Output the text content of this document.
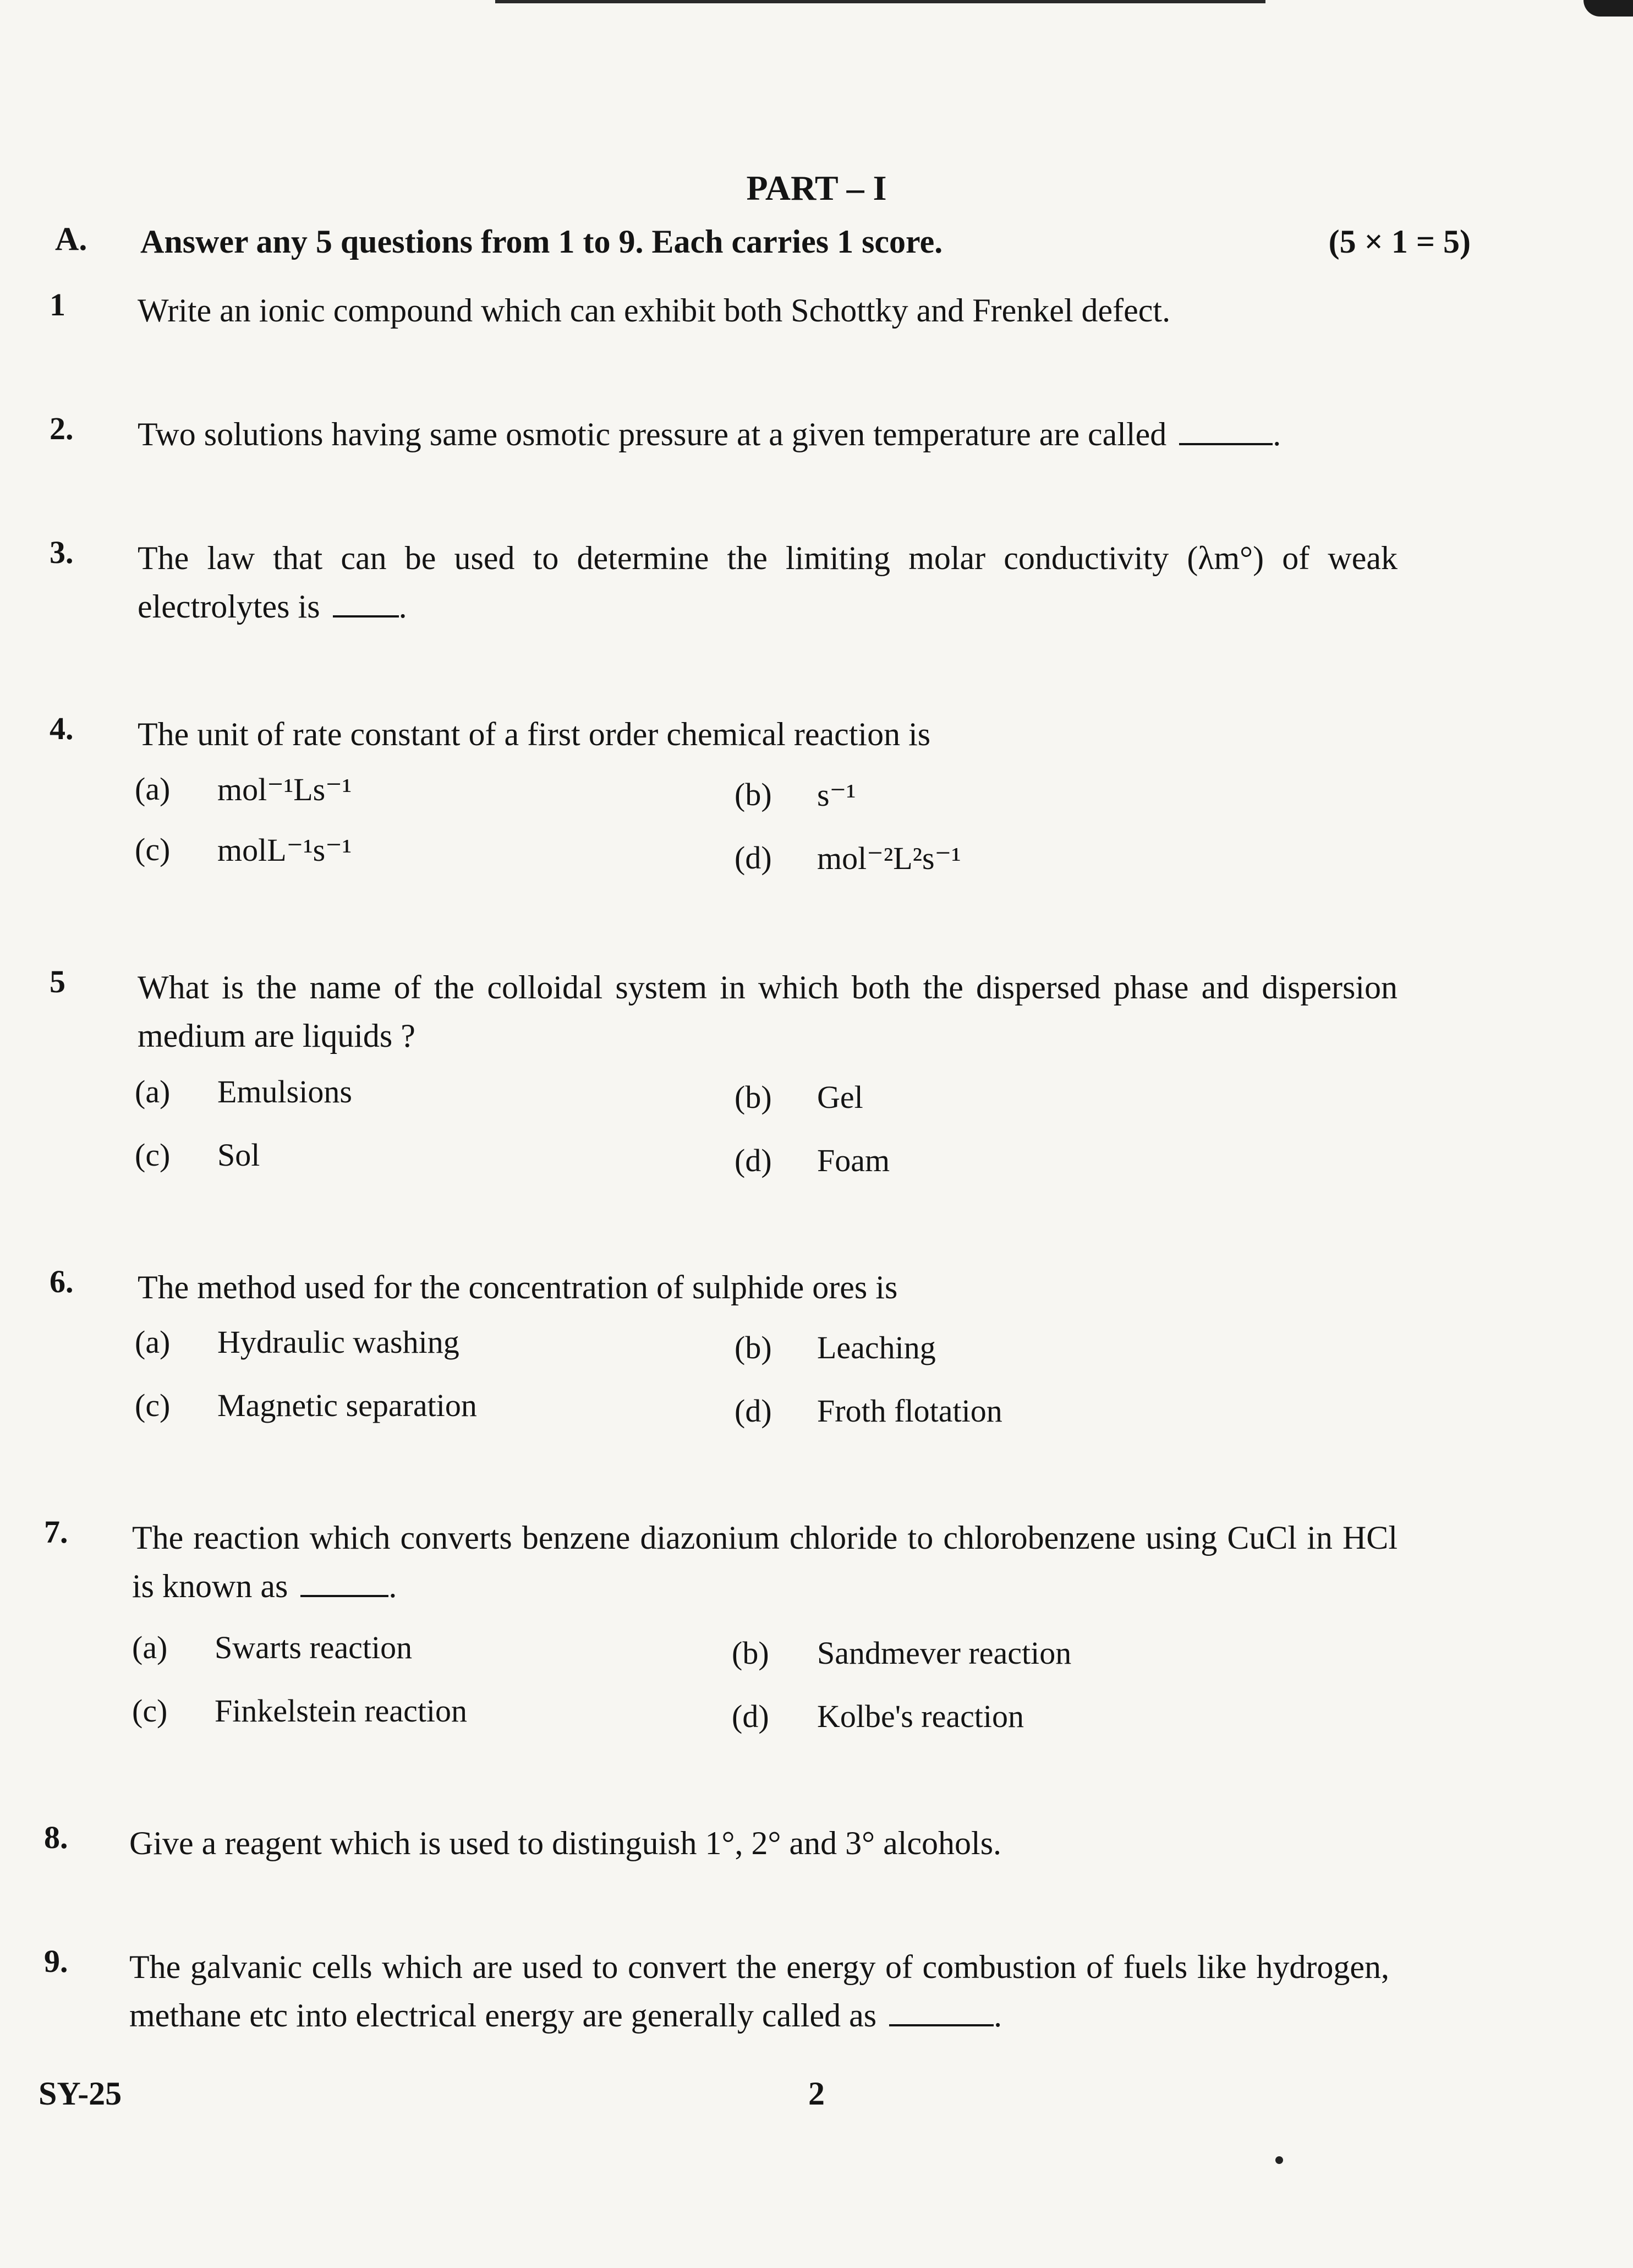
PART – I
A. Answer any 5 questions from 1 to 9. Each carries 1 score.	(5 × 1 = 5)
1 Write an ionic compound which can exhibit both Schottky and Frenkel defect.
2. Two solutions having same osmotic pressure at a given temperature are called	.
3. The law that can be used to determine the limiting molar conductivity (λm°) of weak electrolytes is .
4. The unit of rate constant of a first order chemical reaction is
(a) mol⁻¹Ls⁻¹	(b) s⁻¹
(c) molL⁻¹s⁻¹	(d) mol⁻²L²s⁻¹
5 What is the name of the colloidal system in which both the dispersed phase and dispersion medium are liquids ?
(a) Emulsions	(b) Gel
(c) Sol	(d) Foam
6. The method used for the concentration of sulphide ores is
(a) Hydraulic washing	(b) Leaching
(c) Magnetic separation	(d) Froth flotation
7. The reaction which converts benzene diazonium chloride to chlorobenzene using CuCl in HCl is known as	.
(a) Swarts reaction	(b) Sandmever reaction
(c) Finkelstein reaction	(d) Kolbe's reaction
8. Give a reagent which is used to distinguish 1°, 2° and 3° alcohols.
9. The galvanic cells which are used to convert the energy of combustion of fuels like hydrogen, methane etc into electrical energy are generally called as	.
SY-25	2
